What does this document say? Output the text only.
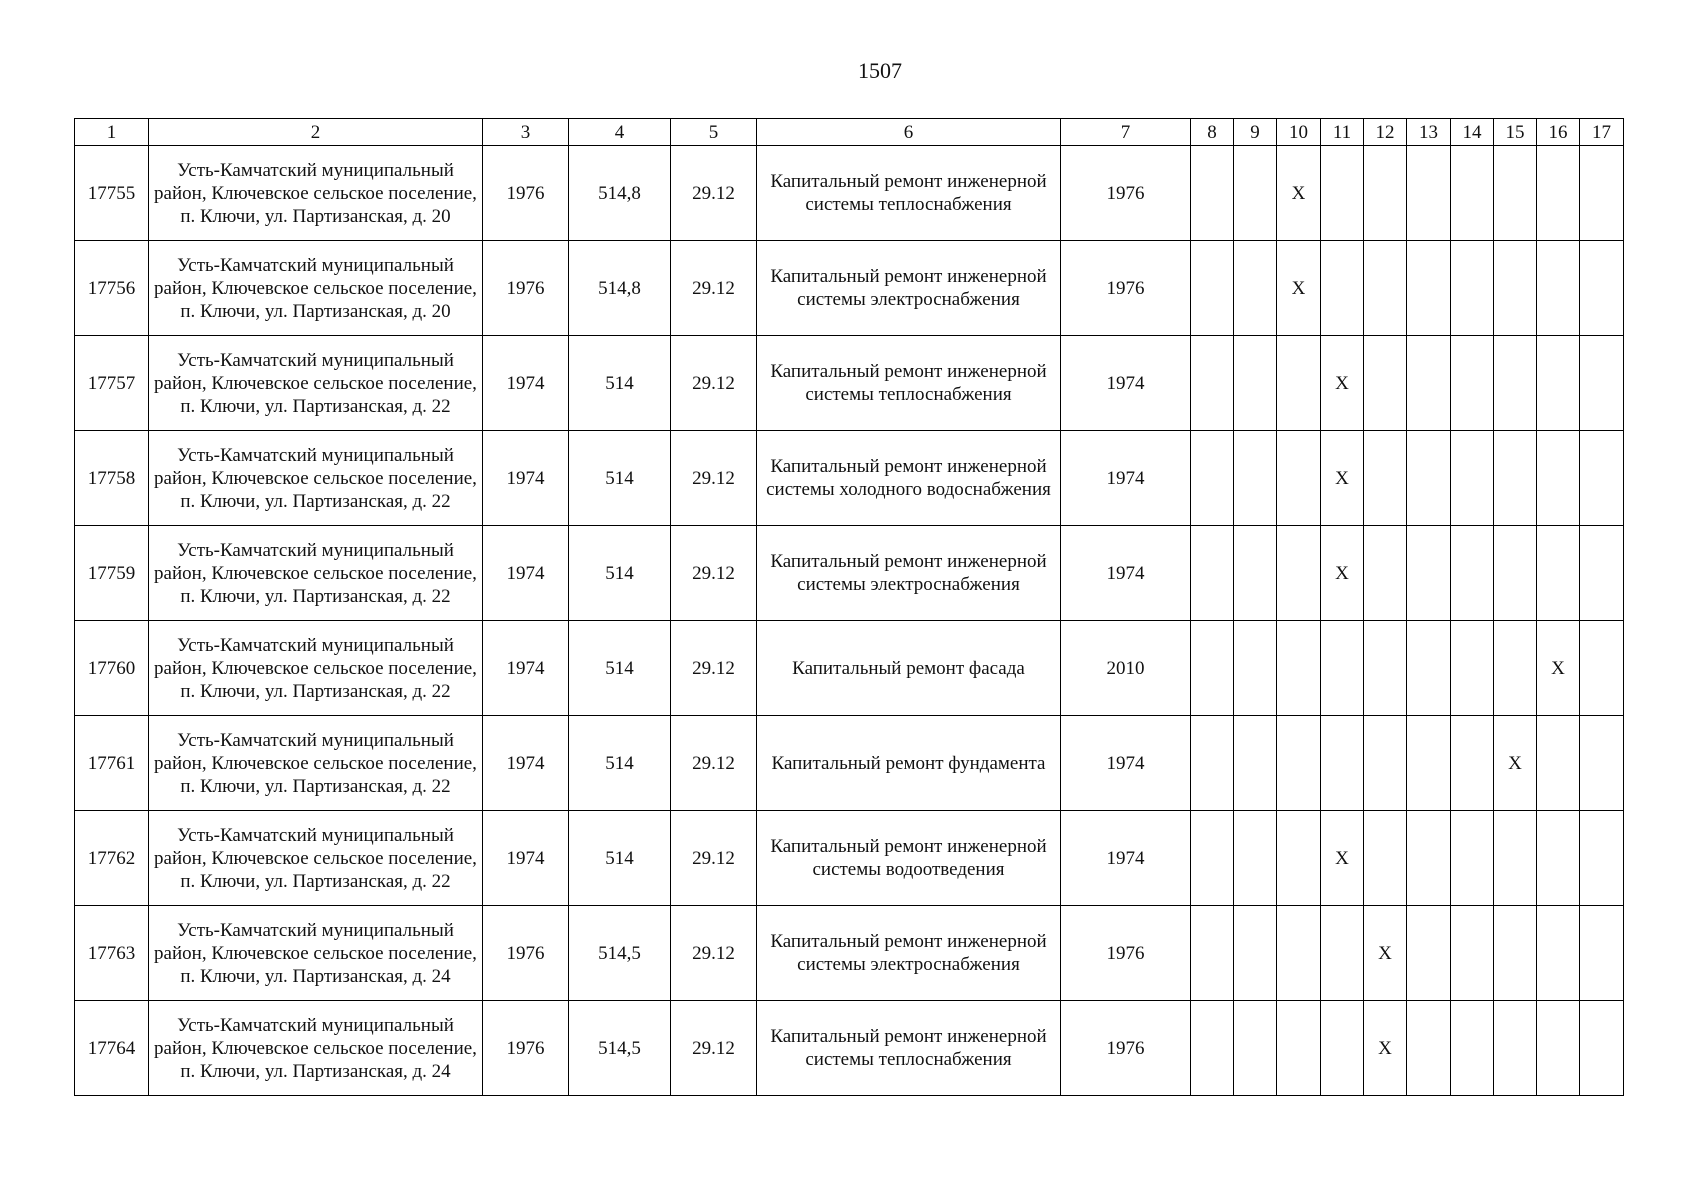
1507
1	2	3	4	5	6	7	8	9	10	11	12	13	14	15	16	17
17755	Усть-Камчатский муниципальный район, Ключевское сельское поселение, п. Ключи, ул. Партизанская, д. 20	1976	514,8	29.12	Капитальный ремонт инженерной системы теплоснабжения	1976			Х							
17756	Усть-Камчатский муниципальный район, Ключевское сельское поселение, п. Ключи, ул. Партизанская, д. 20	1976	514,8	29.12	Капитальный ремонт инженерной системы электроснабжения	1976			Х							
17757	Усть-Камчатский муниципальный район, Ключевское сельское поселение, п. Ключи, ул. Партизанская, д. 22	1974	514	29.12	Капитальный ремонт инженерной системы теплоснабжения	1974				Х						
17758	Усть-Камчатский муниципальный район, Ключевское сельское поселение, п. Ключи, ул. Партизанская, д. 22	1974	514	29.12	Капитальный ремонт инженерной системы холодного водоснабжения	1974				Х						
17759	Усть-Камчатский муниципальный район, Ключевское сельское поселение, п. Ключи, ул. Партизанская, д. 22	1974	514	29.12	Капитальный ремонт инженерной системы электроснабжения	1974				Х						
17760	Усть-Камчатский муниципальный район, Ключевское сельское поселение, п. Ключи, ул. Партизанская, д. 22	1974	514	29.12	Капитальный ремонт фасада	2010									Х	
17761	Усть-Камчатский муниципальный район, Ключевское сельское поселение, п. Ключи, ул. Партизанская, д. 22	1974	514	29.12	Капитальный ремонт фундамента	1974								Х		
17762	Усть-Камчатский муниципальный район, Ключевское сельское поселение, п. Ключи, ул. Партизанская, д. 22	1974	514	29.12	Капитальный ремонт инженерной системы водоотведения	1974				Х						
17763	Усть-Камчатский муниципальный район, Ключевское сельское поселение, п. Ключи, ул. Партизанская, д. 24	1976	514,5	29.12	Капитальный ремонт инженерной системы электроснабжения	1976					Х					
17764	Усть-Камчатский муниципальный район, Ключевское сельское поселение, п. Ключи, ул. Партизанская, д. 24	1976	514,5	29.12	Капитальный ремонт инженерной системы теплоснабжения	1976					Х					
